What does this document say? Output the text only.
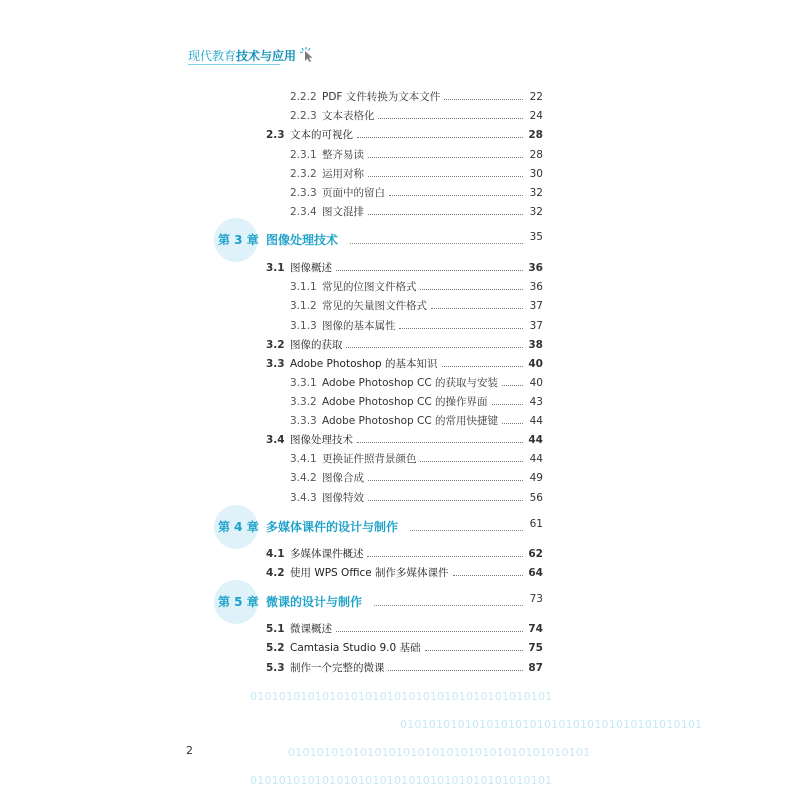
现代教育 技术与应用
2.2.2 PDF 文件转换为文本文件	22
2.2.3 文本表格化	24
2.3 文本的可视化	28
2.3.1 整齐易读	28
2.3.2 运用对称	30
2.3.3 页面中的留白	32
2.3.4 图文混排	32
第 3 章 图像处理技术	35
3.1 图像概述	36
3.1.1 常见的位图文件格式	36
3.1.2 常见的矢量图文件格式	37
3.1.3 图像的基本属性	37
3.2 图像的获取	38
3.3 Adobe Photoshop 的基本知识	40
3.3.1 Adobe Photoshop CC 的获取与安装	40
3.3.2 Adobe Photoshop CC 的操作界面	43
3.3.3 Adobe Photoshop CC 的常用快捷键	44
3.4 图像处理技术	44
3.4.1 更换证件照背景颜色	44
3.4.2 图像合成	49
3.4.3 图像特效	56
第 4 章 多媒体课件的设计与制作	61
4.1 多媒体课件概述	62
4.2 使用 WPS Office 制作多媒体课件	64
第 5 章 微课的设计与制作	73
5.1 微课概述	74
5.2 Camtasia Studio 9.0 基础	75
5.3 制作一个完整的微课	87
010101010101010101010101010101010101010101
010101010101010101010101010101010101010101
010101010101010101010101010101010101010101
010101010101010101010101010101010101010101
2
